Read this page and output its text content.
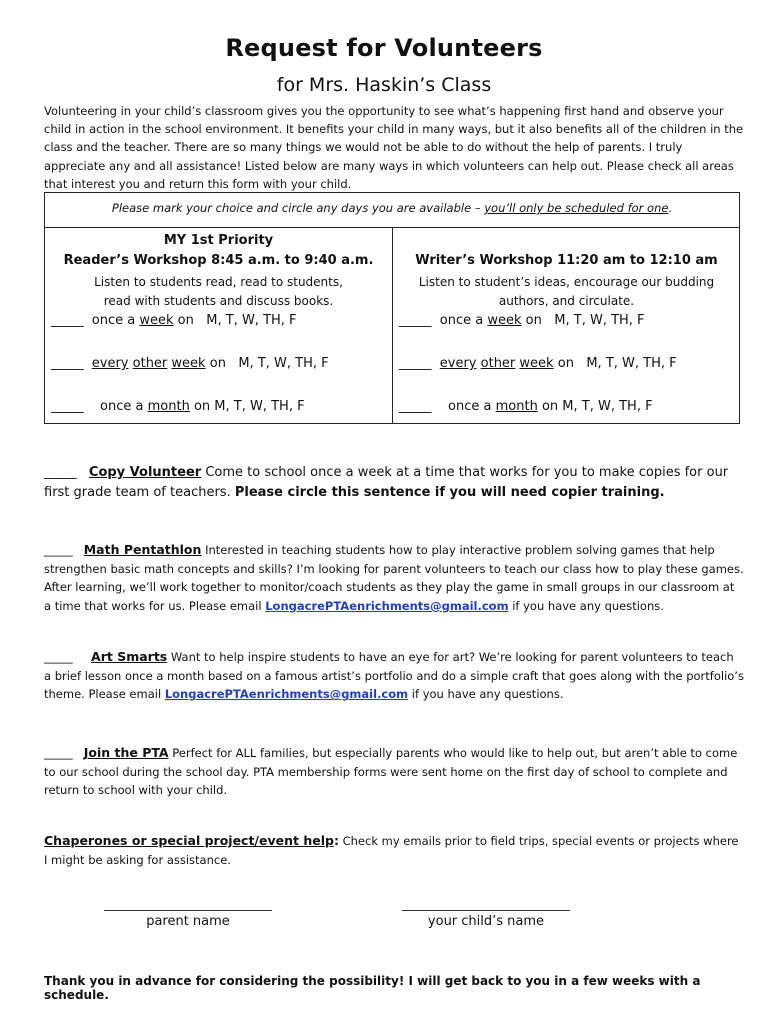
Request for Volunteers
for Mrs. Haskin’s Class
Volunteering in your child’s classroom gives you the opportunity to see what’s happening first hand and observe your child in action in the school environment. It benefits your child in many ways, but it also benefits all of the children in the class and the teacher. There are so many things we would not be able to do without the help of parents. I truly appreciate any and all assistance! Listed below are many ways in which volunteers can help out. Please check all areas that interest you and return this form with your child.
Please mark your choice and circle any days you are available – you’ll only be scheduled for one.
MY 1st Priority
Reader’s Workshop 8:45 a.m. to 9:40 a.m.
Listen to students read, read to students,
read with students and discuss books.
_____ once a week on M, T, W, TH, F
_____ every other week on M, T, W, TH, F
_____ once a month on M, T, W, TH, F
Writer’s Workshop 11:20 am to 12:10 am
Listen to student’s ideas, encourage our budding
authors, and circulate.
_____ once a week on M, T, W, TH, F
_____ every other week on M, T, W, TH, F
_____ once a month on M, T, W, TH, F
_____ Copy Volunteer Come to school once a week at a time that works for you to make copies for our first grade team of teachers. Please circle this sentence if you will need copier training.
_____ Math Pentathlon Interested in teaching students how to play interactive problem solving games that help strengthen basic math concepts and skills? I’m looking for parent volunteers to teach our class how to play these games. After learning, we’ll work together to monitor/coach students as they play the game in small groups in our classroom at a time that works for us. Please email LongacrePTAenrichments@gmail.com if you have any questions.
_____ Art Smarts Want to help inspire students to have an eye for art? We’re looking for parent volunteers to teach a brief lesson once a month based on a famous artist’s portfolio and do a simple craft that goes along with the portfolio’s theme. Please email LongacrePTAenrichments@gmail.com if you have any questions.
_____ Join the PTA Perfect for ALL families, but especially parents who would like to help out, but aren’t able to come to our school during the school day. PTA membership forms were sent home on the first day of school to complete and return to school with your child.
Chaperones or special project/event help: Check my emails prior to field trips, special events or projects where I might be asking for assistance.
____________________________
parent name
____________________________
your child’s name
Thank you in advance for considering the possibility! I will get back to you in a few weeks with a schedule.
